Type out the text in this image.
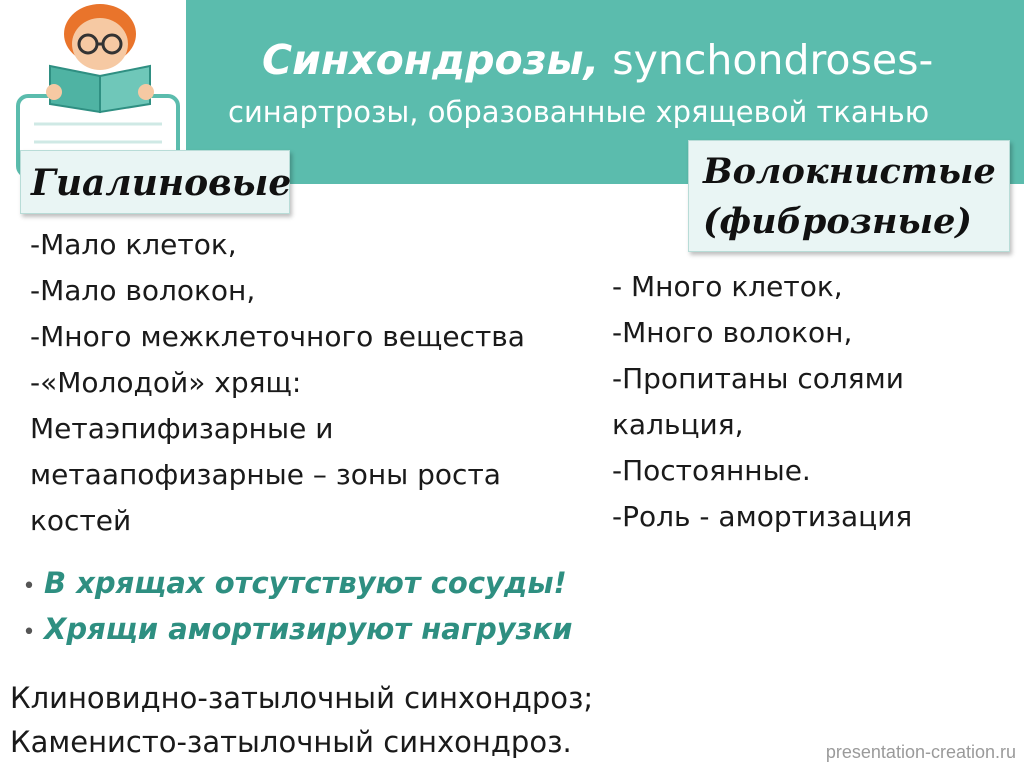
Синхондрозы, synchondroses-
синартрозы, образованные хрящевой тканью
Гиалиновые	Волокнистые
(фиброзные)
-Мало клеток,
-Мало волокон,
-Много межклеточного вещества
-«Молодой» хрящ:
Метаэпифизарные и
метаапофизарные – зоны роста
костей
- Много клеток,
-Много волокон,
-Пропитаны солями
кальция,
-Постоянные.
-Роль - амортизация
• В хрящах отсутствуют сосуды!
• Хрящи амортизируют нагрузки
Клиновидно-затылочный синхондроз;
Каменисто-затылочный синхондроз.	presentation-creation.ru
